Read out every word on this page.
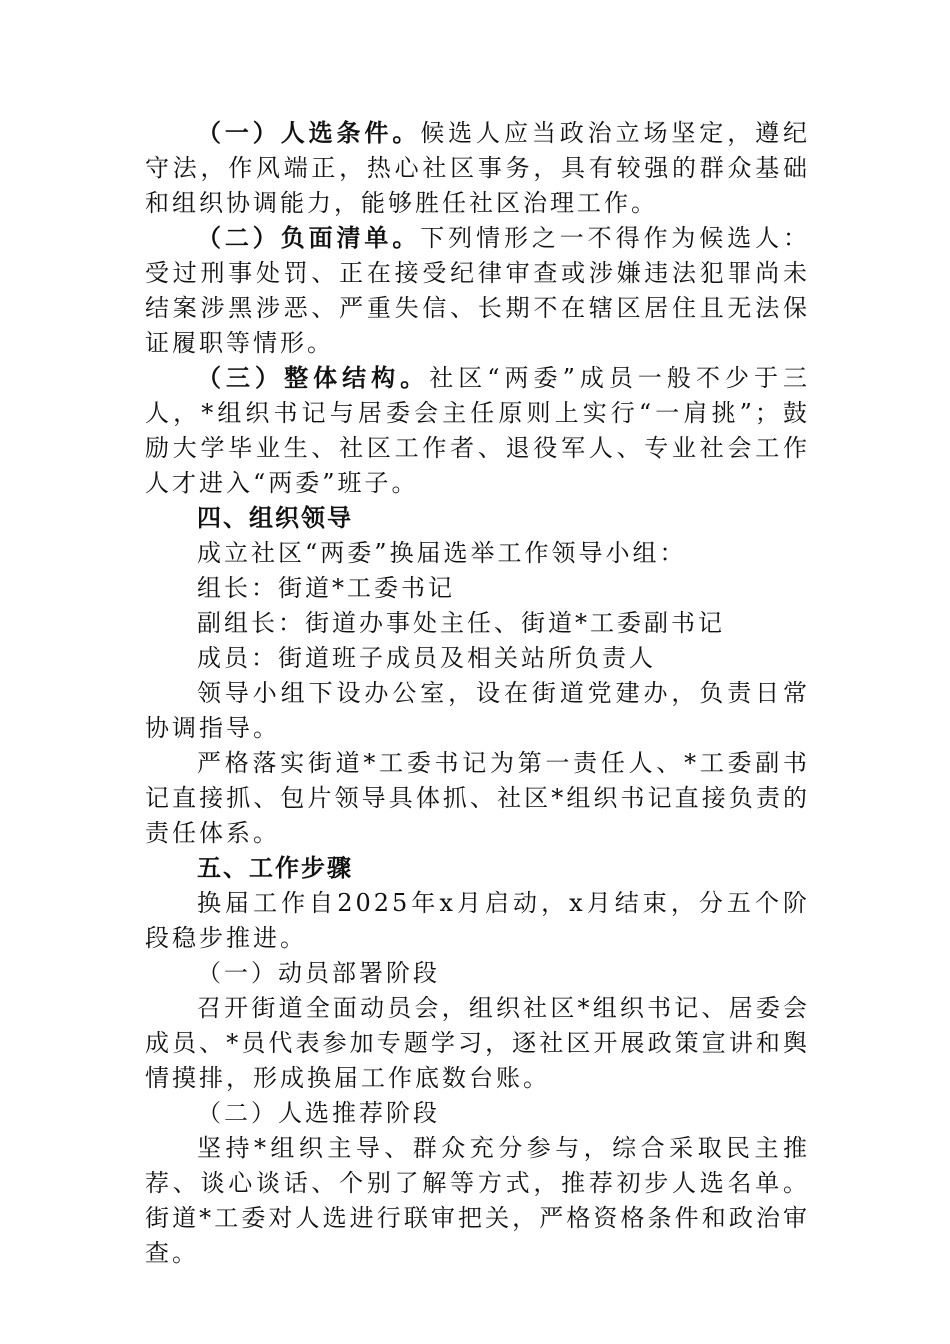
（一）人选条件。候选人应当政治立场坚定，遵纪守法，作风端正，热心社区事务，具有较强的群众基础和组织协调能力，能够胜任社区治理工作。

（二）负面清单。下列情形之一不得作为候选人：受过刑事处罚、正在接受纪律审查或涉嫌违法犯罪尚未结案涉黑涉恶、严重失信、长期不在辖区居住且无法保证履职等情形。

（三）整体结构。社区“两委”成员一般不少于三人，*组织书记与居委会主任原则上实行“一肩挑”；鼓励大学毕业生、社区工作者、退役军人、专业社会工作人才进入“两委”班子。

四、组织领导

成立社区“两委”换届选举工作领导小组：

组长：街道*工委书记

副组长：街道办事处主任、街道*工委副书记

成员：街道班子成员及相关站所负责人

领导小组下设办公室，设在街道党建办，负责日常协调指导。

严格落实街道*工委书记为第一责任人、*工委副书记直接抓、包片领导具体抓、社区*组织书记直接负责的责任体系。

五、工作步骤

换届工作自2025年x月启动，x月结束，分五个阶段稳步推进。

（一）动员部署阶段

召开街道全面动员会，组织社区*组织书记、居委会成员、*员代表参加专题学习，逐社区开展政策宣讲和舆情摸排，形成换届工作底数台账。

（二）人选推荐阶段

坚持*组织主导、群众充分参与，综合采取民主推荐、谈心谈话、个别了解等方式，推荐初步人选名单。街道*工委对人选进行联审把关，严格资格条件和政治审查。
